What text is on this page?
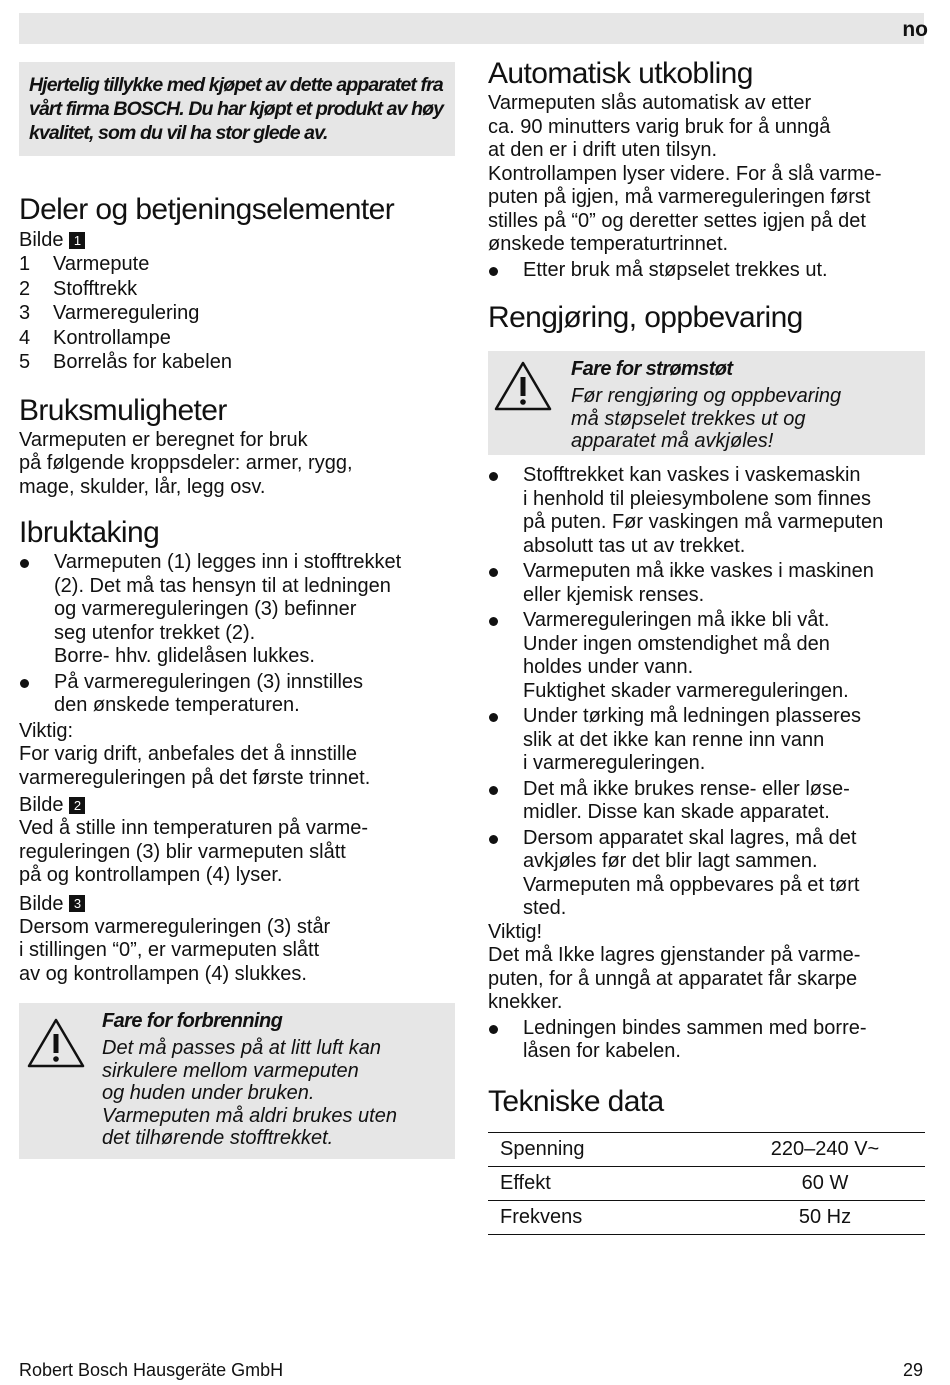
no
Hjertelig tillykke med kjøpet av dette apparatet fra vårt firma BOSCH. Du har kjøpt et produkt av høy kvalitet, som du vil ha stor glede av.
Deler og betjeningselementer
Bilde 1
1	Varmepute
2	Stofftrekk
3	Varmeregulering
4	Kontrollampe
5	Borrelås for kabelen
Bruksmuligheter

Varmeputen er beregnet for bruk

på følgende kroppsdeler: armer, rygg,

mage, skulder, lår, legg osv.

Ibruktaking
Varmeputen (1) legges inn i stofftrekket
(2). Det må tas hensyn til at ledningen
og varmereguleringen (3) befinner
seg utenfor trekket (2).
Borre- hhv. glidelåsen lukkes.
På varmereguleringen (3) innstilles
den ønskede temperaturen.
Viktig:

For varig drift, anbefales det å innstille

varmereguleringen på det første trinnet.

Bilde 2

Ved å stille inn temperaturen på varme-

reguleringen (3) blir varmeputen slått

på og kontrollampen (4) lyser.

Bilde 3

Dersom varmereguleringen (3) står

i stillingen “0”, er varmeputen slått

av og kontrollampen (4) slukkes.

Fare for forbrenning
Det må passes på at litt luft kan
sirkulere mellom varmeputen
og huden under bruken.
Varmeputen må aldri brukes uten
det tilhørende stofftrekket.
Automatisk utkobling

Varmeputen slås automatisk av etter

ca. 90 minutters varig bruk for å unngå

at den er i drift uten tilsyn.

Kontrollampen lyser videre. For å slå varme-

puten på igjen, må varmereguleringen først

stilles på “0” og deretter settes igjen på det

ønskede temperaturtrinnet.

Etter bruk må støpselet trekkes ut.
Rengjøring, oppbevaring
Fare for strømstøt
Før rengjøring og oppbevaring
må støpselet trekkes ut og
apparatet må avkjøles!
Stofftrekket kan vaskes i vaskemaskin
i henhold til pleiesymbolene som finnes
på puten. Før vaskingen må varmeputen
absolutt tas ut av trekket.
Varmeputen må ikke vaskes i maskinen
eller kjemisk renses.
Varmereguleringen må ikke bli våt.
Under ingen omstendighet må den
holdes under vann.
Fuktighet skader varmereguleringen.
Under tørking må ledningen plasseres
slik at det ikke kan renne inn vann
i varmereguleringen.
Det må ikke brukes rense- eller løse-
midler. Disse kan skade apparatet.
Dersom apparatet skal lagres, må det
avkjøles før det blir lagt sammen.
Varmeputen må oppbevares på et tørt
sted.
Viktig!

Det må Ikke lagres gjenstander på varme-

puten, for å unngå at apparatet får skarpe

knekker.

Ledningen bindes sammen med borre-
låsen for kabelen.
Tekniske data
Spenning	220–240 V~
Effekt	60 W
Frekvens	50 Hz
Robert Bosch Hausgeräte GmbH	29
